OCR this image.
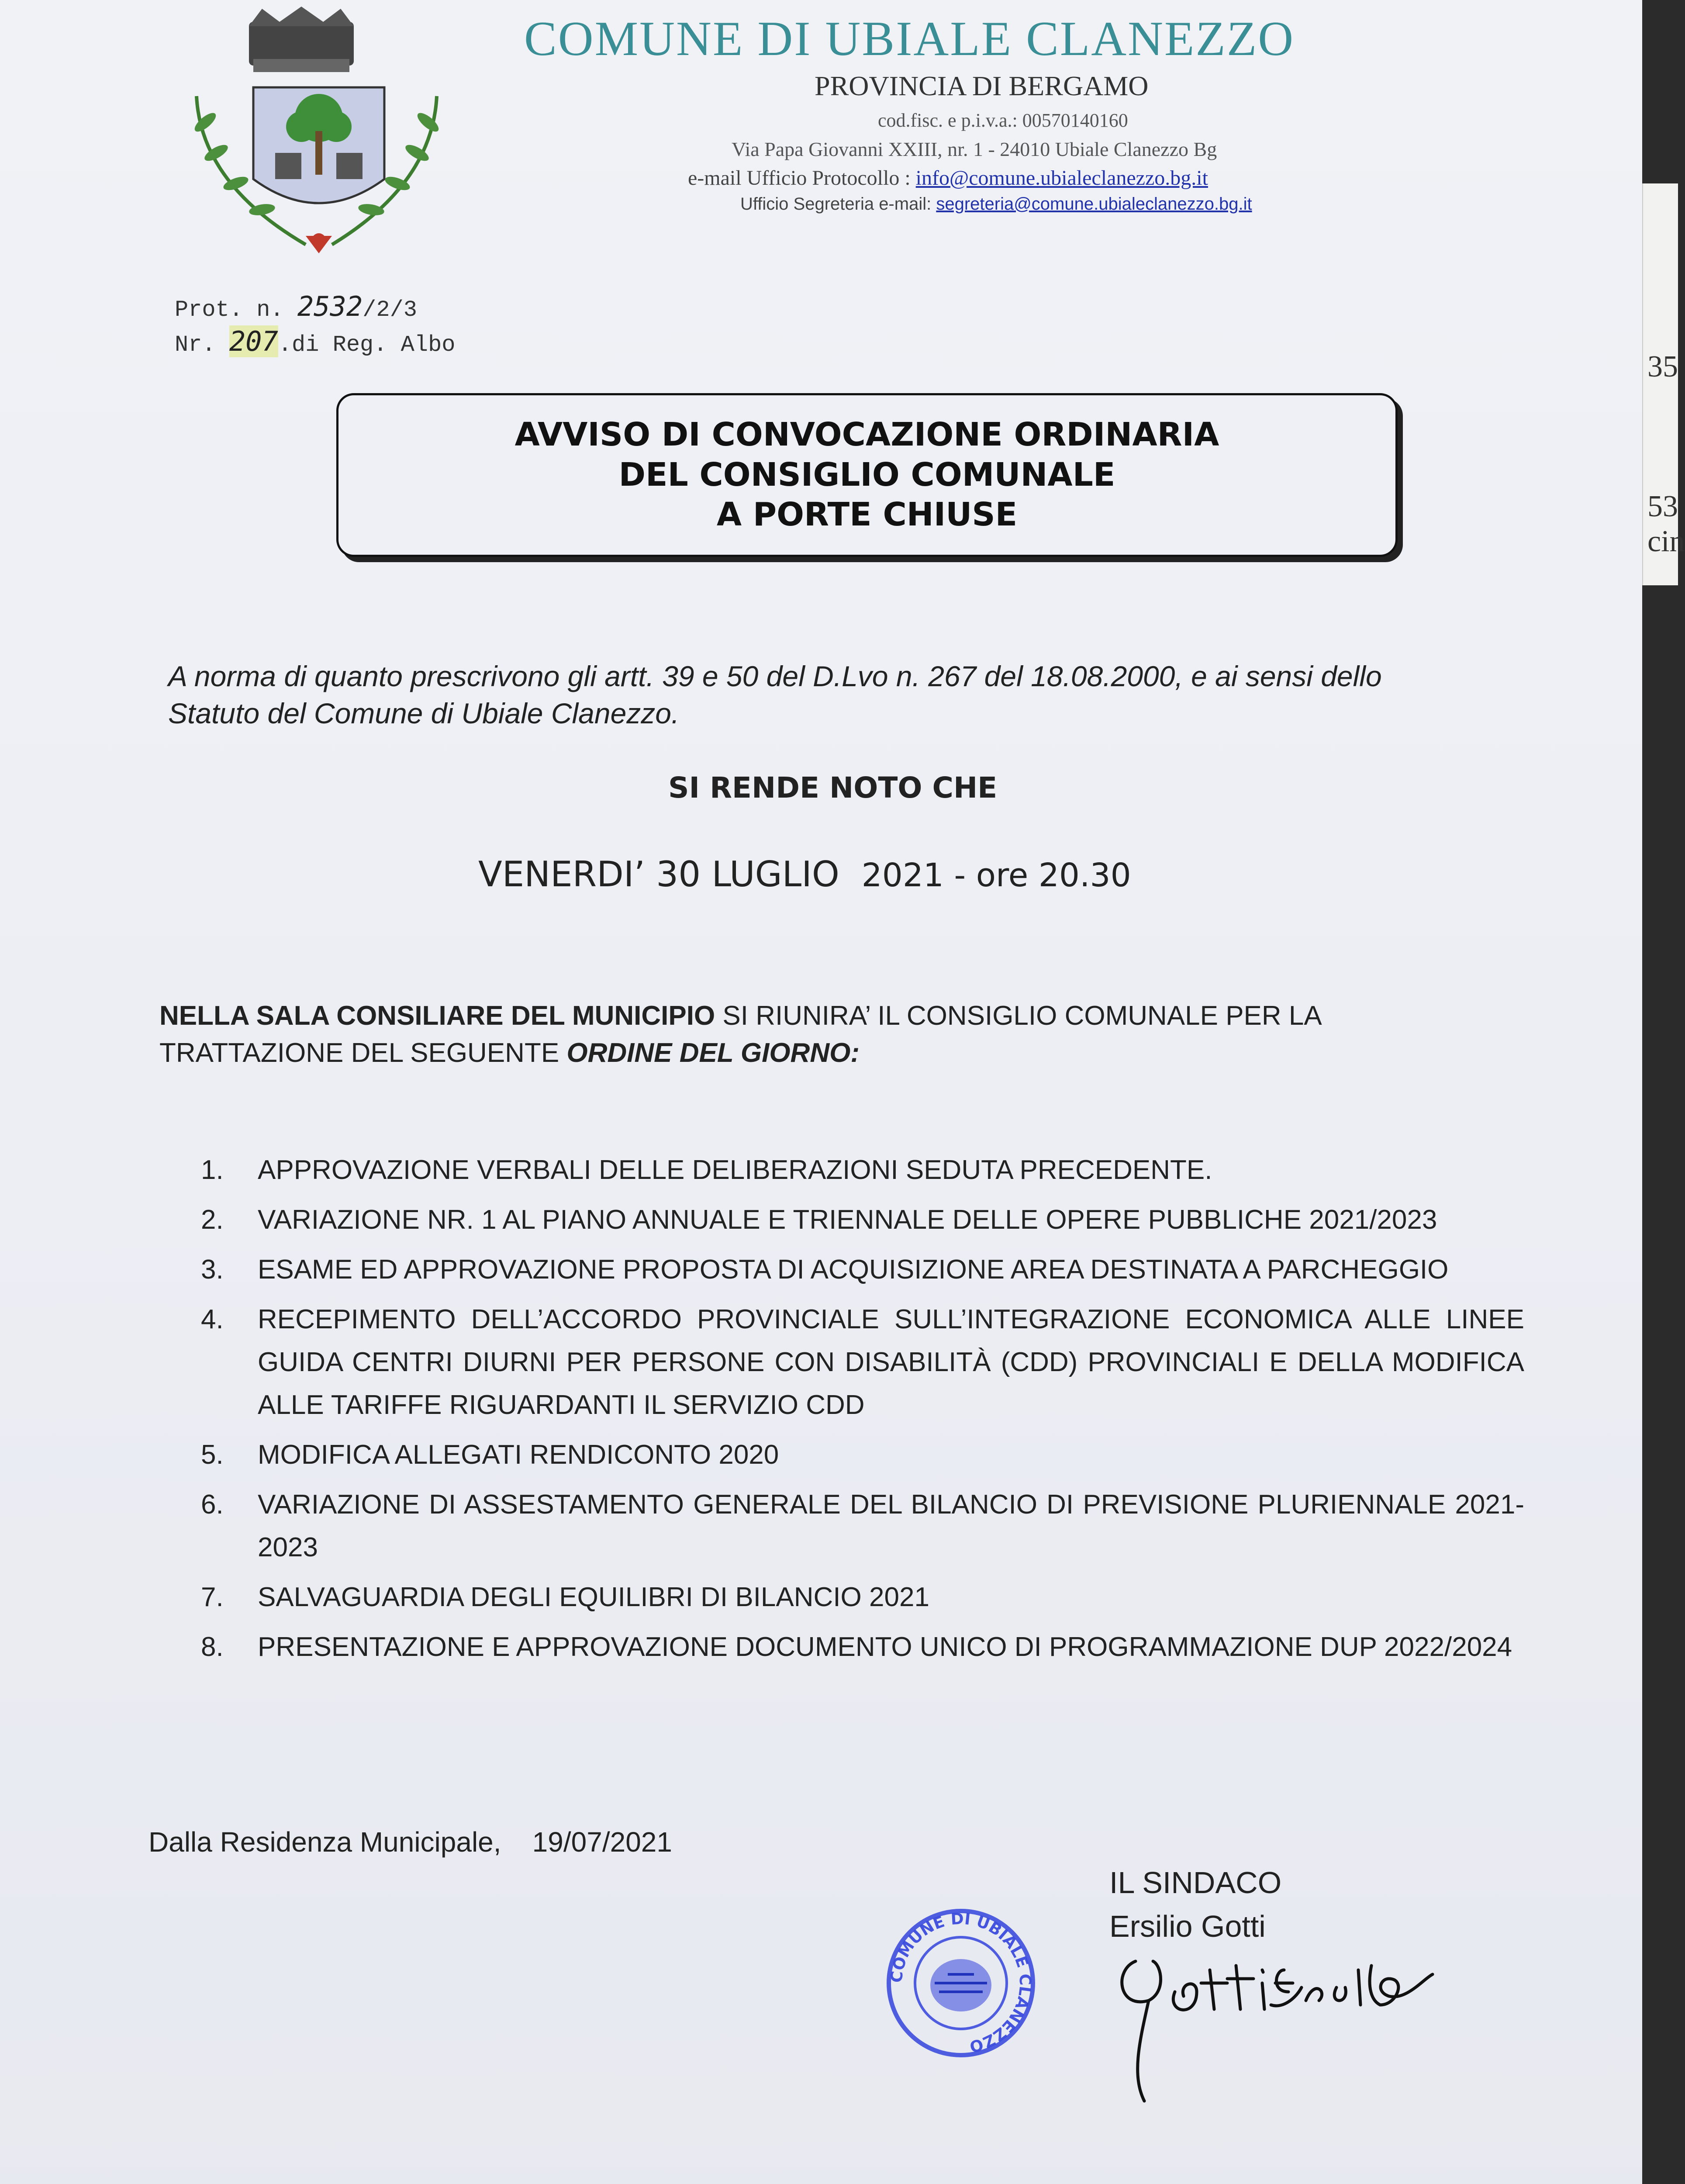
COMUNE DI UBIALE CLANEZZO
PROVINCIA DI BERGAMO
cod.fisc. e p.i.v.a.: 00570140160
Via Papa Giovanni XXIII, nr. 1 - 24010 Ubiale Clanezzo Bg
e-mail Ufficio Protocollo : info@comune.ubialeclanezzo.bg.it
Ufficio Segreteria e-mail: segreteria@comune.ubialeclanezzo.bg.it
Prot. n. 2532/2/3
Nr. 207.di Reg. Albo
AVVISO DI CONVOCAZIONE ORDINARIA
DEL CONSIGLIO COMUNALE
A PORTE CHIUSE
A norma di quanto prescrivono gli artt. 39 e 50 del D.Lvo n. 267 del 18.08.2000, e ai sensi dello
Statuto del Comune di Ubiale Clanezzo.
SI RENDE NOTO CHE
VENERDI’ 30 LUGLIO 2021 - ore 20.30
NELLA SALA CONSILIARE DEL MUNICIPIO SI RIUNIRA’ IL CONSIGLIO COMUNALE PER LA
TRATTAZIONE DEL SEGUENTE ORDINE DEL GIORNO:
1.	APPROVAZIONE VERBALI DELLE DELIBERAZIONI SEDUTA PRECEDENTE.
2.	VARIAZIONE NR. 1 AL PIANO ANNUALE E TRIENNALE DELLE OPERE PUBBLICHE 2021/2023
3.	ESAME ED APPROVAZIONE PROPOSTA DI ACQUISIZIONE AREA DESTINATA A PARCHEGGIO
4.	RECEPIMENTO DELL’ACCORDO PROVINCIALE SULL’INTEGRAZIONE ECONOMICA ALLE LINEE GUIDA CENTRI DIURNI PER PERSONE CON DISABILITÀ (CDD) PROVINCIALI E DELLA MODIFICA ALLE TARIFFE RIGUARDANTI IL SERVIZIO CDD
5.	MODIFICA ALLEGATI RENDICONTO 2020
6.	VARIAZIONE DI ASSESTAMENTO GENERALE DEL BILANCIO DI PREVISIONE PLURIENNALE 2021-2023
7.	SALVAGUARDIA DEGLI EQUILIBRI DI BILANCIO 2021
8.	PRESENTAZIONE E APPROVAZIONE DOCUMENTO UNICO DI PROGRAMMAZIONE DUP 2022/2024
Dalla Residenza Municipale, 19/07/2021
IL SINDACO
Ersilio Gotti
COMUNE DI UBIALE CLANEZZO
35
53
cin
